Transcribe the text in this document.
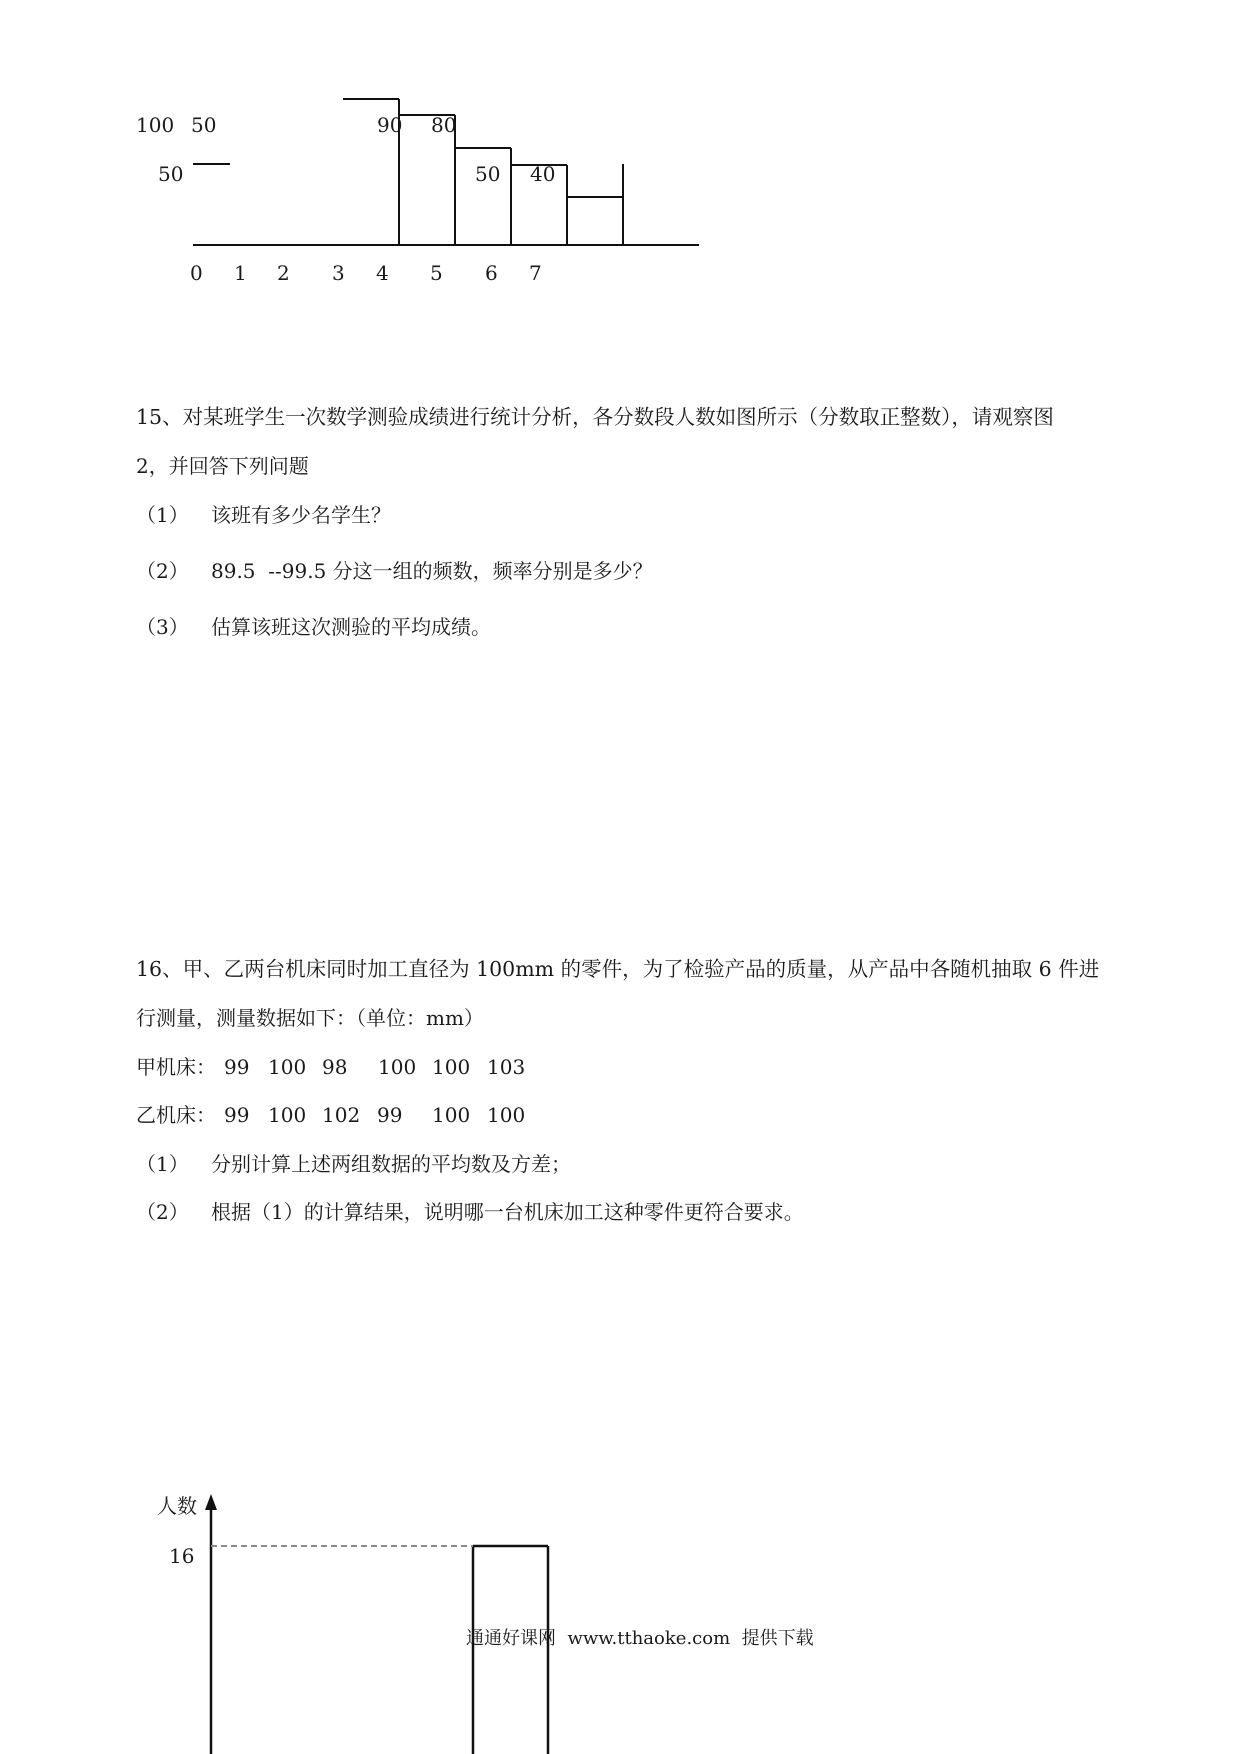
100
50
50	90 80
50 40
0 1 2 3 4 5 6 7
15、对某班学生一次数学测验成绩进行统计分析，各分数段人数如图所示（分数取正整数），请观察图
2，并回答下列问题
（1） 该班有多少名学生？
（2） 89.5  --99.5 分这一组的频数，频率分别是多少？
（3） 估算该班这次测验的平均成绩。
16、甲、乙两台机床同时加工直径为 100mm 的零件，为了检验产品的质量，从产品中各随机抽取 6 件进
行测量，测量数据如下：（单位：mm）
甲机床： 99 100 98 100 100 103
乙机床： 99 100 102 99 100 100
（1） 分别计算上述两组数据的平均数及方差；
（2） 根据（1）的计算结果，说明哪一台机床加工这种零件更符合要求。
人数
16
通通好课网  www.tthaoke.com  提供下载
